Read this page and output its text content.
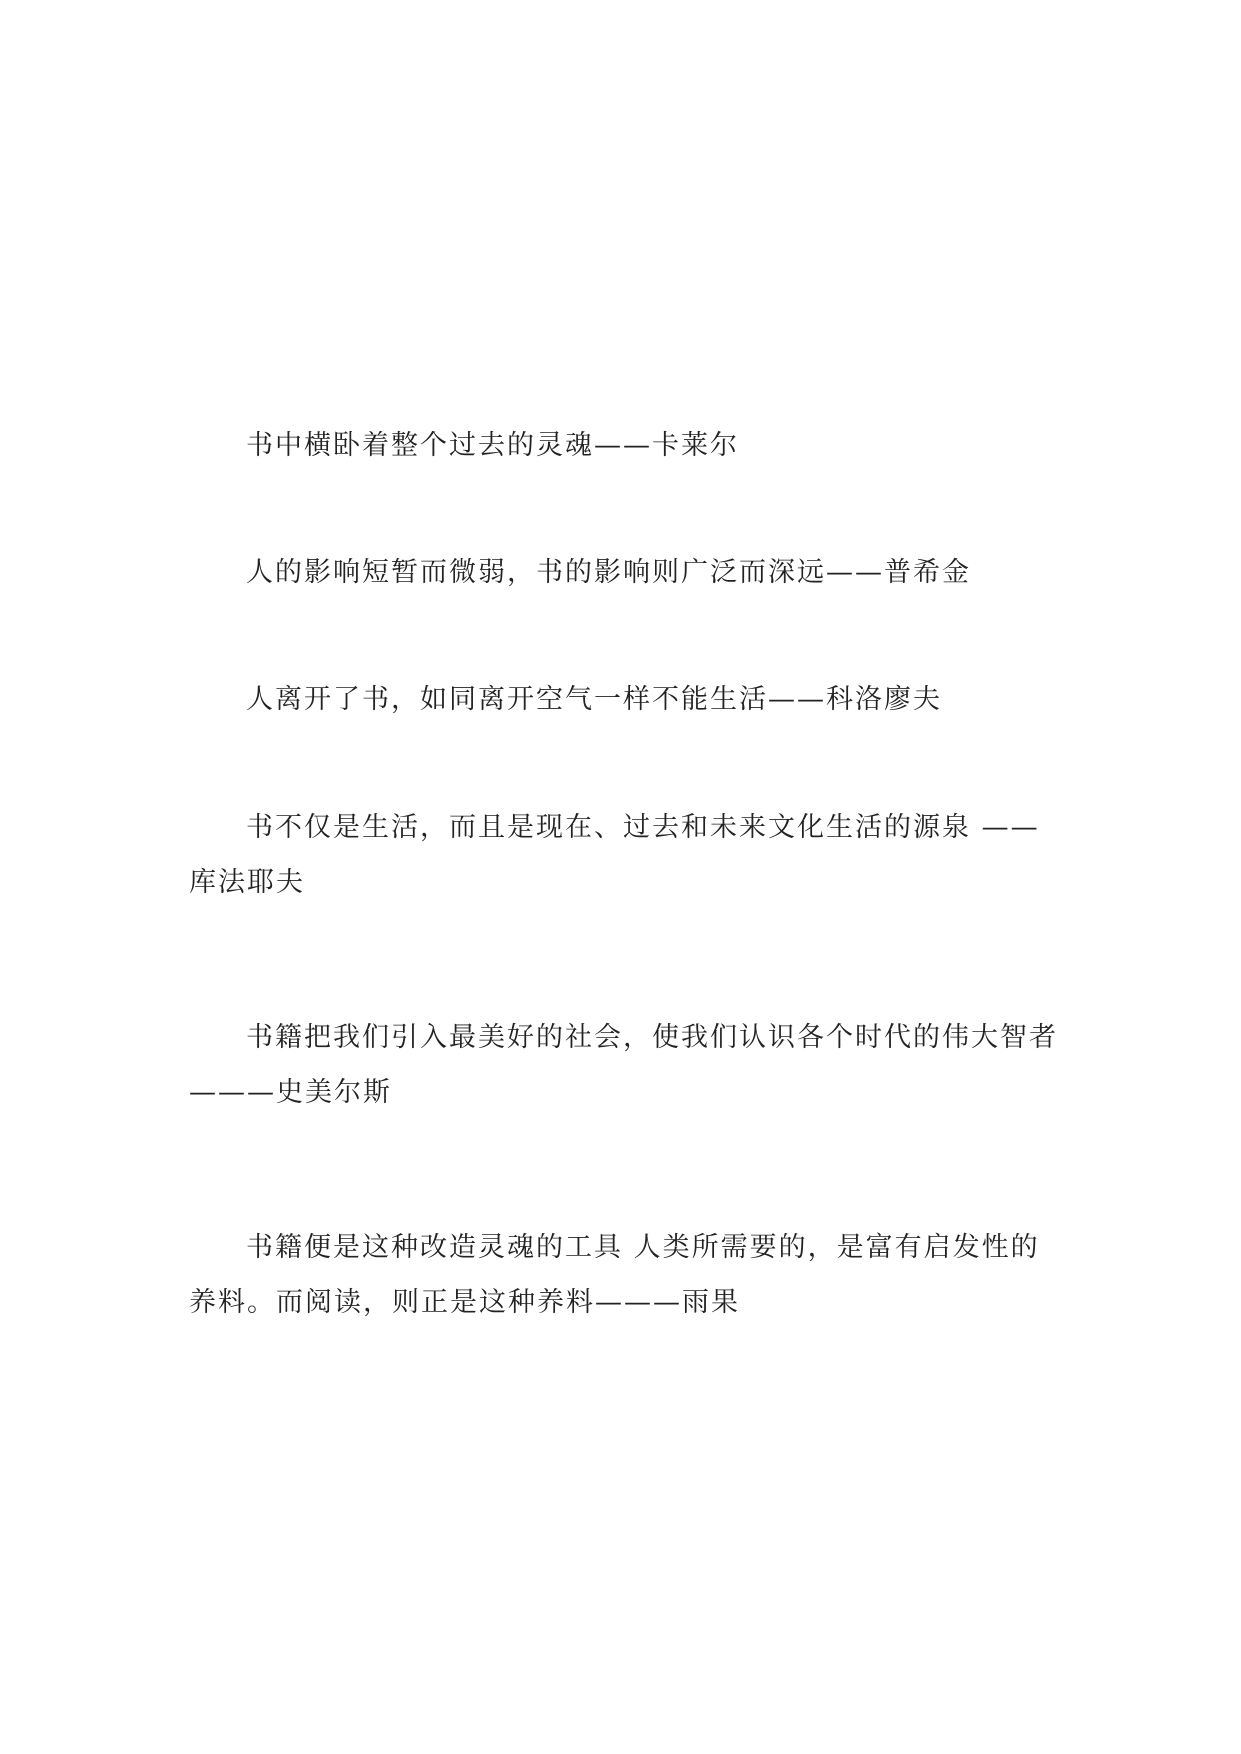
书中横卧着整个过去的灵魂——卡莱尔

人的影响短暂而微弱，书的影响则广泛而深远——普希金

人离开了书，如同离开空气一样不能生活——科洛廖夫

书不仅是生活，而且是现在、过去和未来文化生活的源泉 ——库法耶夫

书籍把我们引入最美好的社会，使我们认识各个时代的伟大智者———史美尔斯

书籍便是这种改造灵魂的工具 人类所需要的，是富有启发性的养料。而阅读，则正是这种养料———雨果
